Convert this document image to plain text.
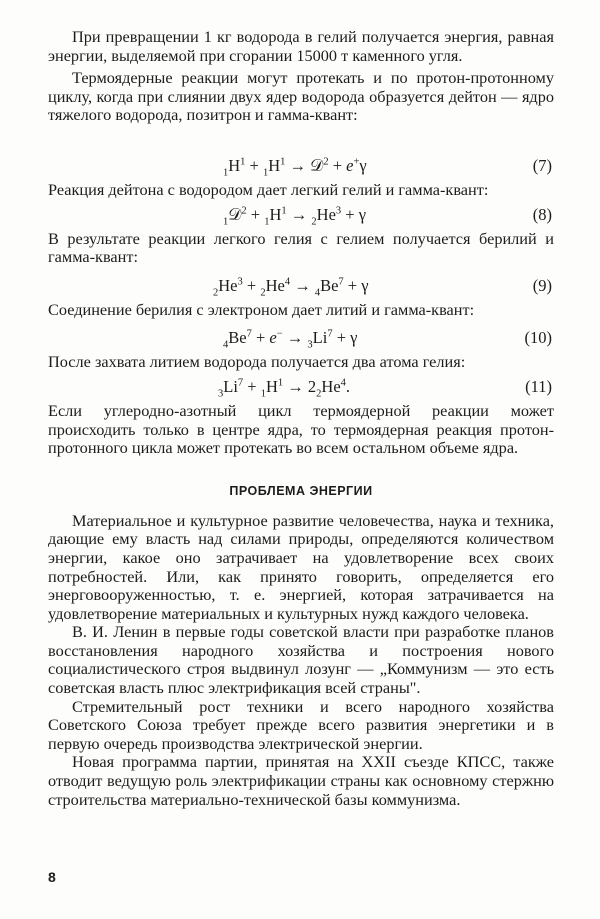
При превращении 1 кг водорода в гелий получается энергия, равная энергии, выделяемой при сгорании 15000 т каменного угля.

Термоядерные реакции могут протекать и по протон-протонному циклу, когда при слиянии двух ядер водорода образуется дейтон — ядро тяжелого водорода, позитрон и гамма-квант:

$_1H^1 + _1H^1$ → 𝒟$^2$ + e+γ	(7)

Реакция дейтона с водородом дает легкий гелий и гамма-квант:

$_1$𝒟$^2$ + $_1H^1 \to _2He^3 + \gamma$	(8)

В результате реакции легкого гелия с гелием получается берилий и гамма-квант:

$_2He^3 + _2He^4 \to _4Be^7 + \gamma$	(9)

Соединение берилия с электроном дает литий и гамма-квант:

$_4Be^7 + e^- \to _3Li^7 + \gamma$	(10)

После захвата литием водорода получается два атома гелия:

$_3Li^7 + _1H^1 \to 2_2He^4$.	(11)

Если углеродно-азотный цикл термоядерной реакции может происходить только в центре ядра, то термоядерная реакция протон-протонного цикла может протекать во всем остальном объеме ядра.

ПРОБЛЕМА ЭНЕРГИИ

Материальное и культурное развитие человечества, наука и техника, дающие ему власть над силами природы, определяются количеством энергии, какое оно затрачивает на удовлетворение всех своих потребностей. Или, как принято говорить, определяется его энерговооруженностью, т. е. энергией, которая затрачивается на удовлетворение материальных и культурных нужд каждого человека.

В. И. Ленин в первые годы советской власти при разработке планов восстановления народного хозяйства и построения нового социалистического строя выдвинул лозунг — „Коммунизм — это есть советская власть плюс электрификация всей страны".

Стремительный рост техники и всего народного хозяйства Советского Союза требует прежде всего развития энергетики и в первую очередь производства электрической энергии.

Новая программа партии, принятая на XXII съезде КПСС, также отводит ведущую роль электрификации страны как основному стержню строительства материально-технической базы коммунизма.

8
